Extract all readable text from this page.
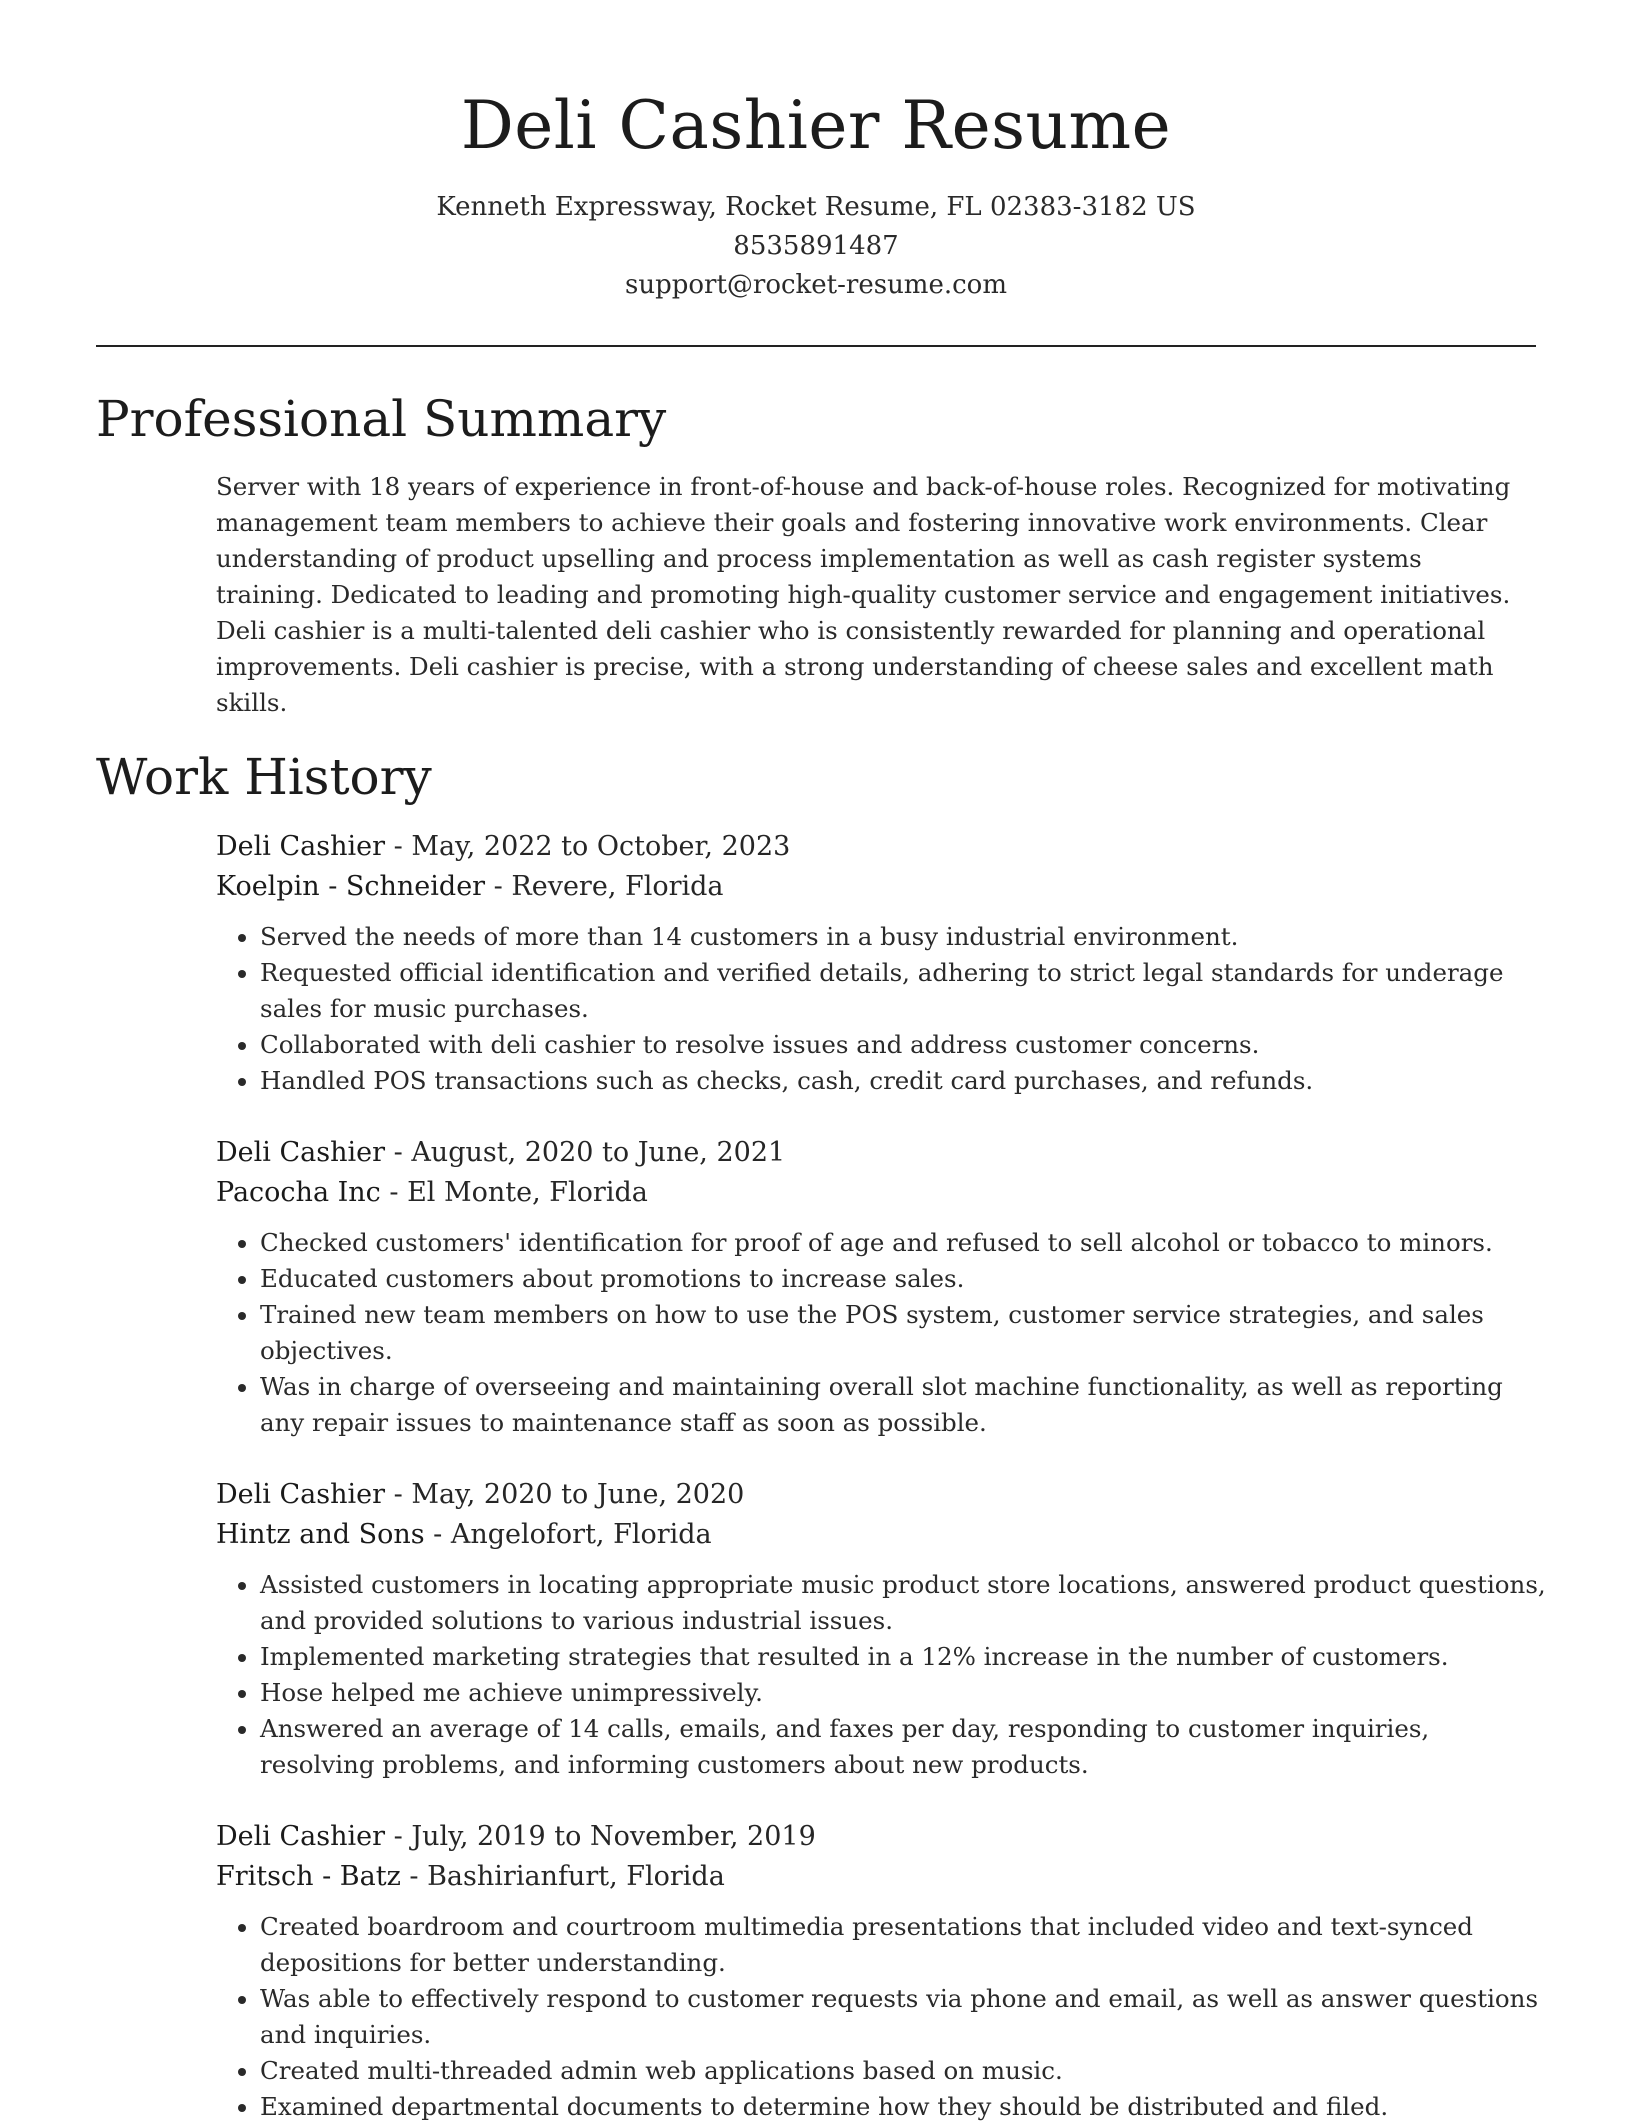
Deli Cashier Resume
Kenneth Expressway, Rocket Resume, FL 02383-3182 US
8535891487
support@rocket-resume.com
Professional Summary

Server with 18 years of experience in front-of-house and back-of-house roles. Recognized for motivating management team members to achieve their goals and fostering innovative work environments. Clear understanding of product upselling and process implementation as well as cash register systems training. Dedicated to leading and promoting high-quality customer service and engagement initiatives. Deli cashier is a multi-talented deli cashier who is consistently rewarded for planning and operational improvements. Deli cashier is precise, with a strong understanding of cheese sales and excellent math skills.

Work History
Deli Cashier - May, 2022 to October, 2023
Koelpin - Schneider - Revere, Florida
• Served the needs of more than 14 customers in a busy industrial environment.
• Requested official identification and verified details, adhering to strict legal standards for underage sales for music purchases.
• Collaborated with deli cashier to resolve issues and address customer concerns.
• Handled POS transactions such as checks, cash, credit card purchases, and refunds.
Deli Cashier - August, 2020 to June, 2021
Pacocha Inc - El Monte, Florida
• Checked customers' identification for proof of age and refused to sell alcohol or tobacco to minors.
• Educated customers about promotions to increase sales.
• Trained new team members on how to use the POS system, customer service strategies, and sales objectives.
• Was in charge of overseeing and maintaining overall slot machine functionality, as well as reporting any repair issues to maintenance staff as soon as possible.
Deli Cashier - May, 2020 to June, 2020
Hintz and Sons - Angelofort, Florida
• Assisted customers in locating appropriate music product store locations, answered product questions, and provided solutions to various industrial issues.
• Implemented marketing strategies that resulted in a 12% increase in the number of customers.
• Hose helped me achieve unimpressively.
• Answered an average of 14 calls, emails, and faxes per day, responding to customer inquiries, resolving problems, and informing customers about new products.
Deli Cashier - July, 2019 to November, 2019
Fritsch - Batz - Bashirianfurt, Florida
• Created boardroom and courtroom multimedia presentations that included video and text-synced depositions for better understanding.
• Was able to effectively respond to customer requests via phone and email, as well as answer questions and inquiries.
• Created multi-threaded admin web applications based on music.
• Examined departmental documents to determine how they should be distributed and filed.
